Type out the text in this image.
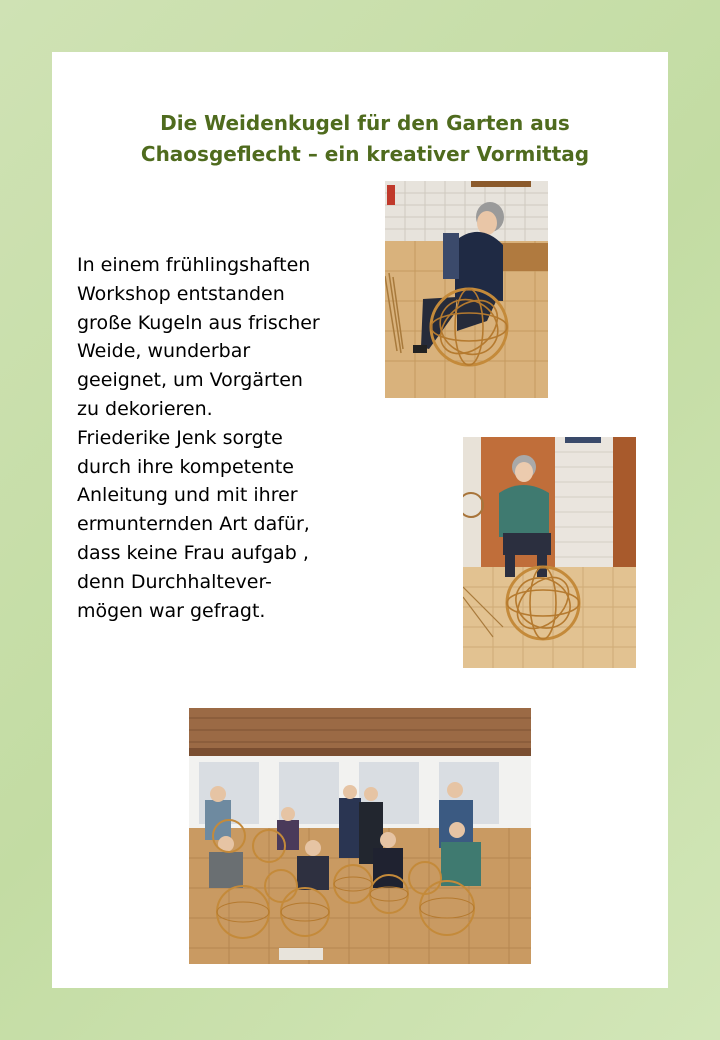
Die Weidenkugel für den Garten aus
Chaosgeflecht – ein kreativer Vormittag
In einem frühlingshaften
Workshop entstanden
große Kugeln aus frischer
Weide, wunderbar
geeignet, um Vorgärten
zu dekorieren.
Friederike Jenk sorgte
durch ihre kompetente
Anleitung und mit ihrer
ermunternden Art dafür,
dass keine Frau aufgab ,
denn Durchhaltever-
mögen war gefragt.
